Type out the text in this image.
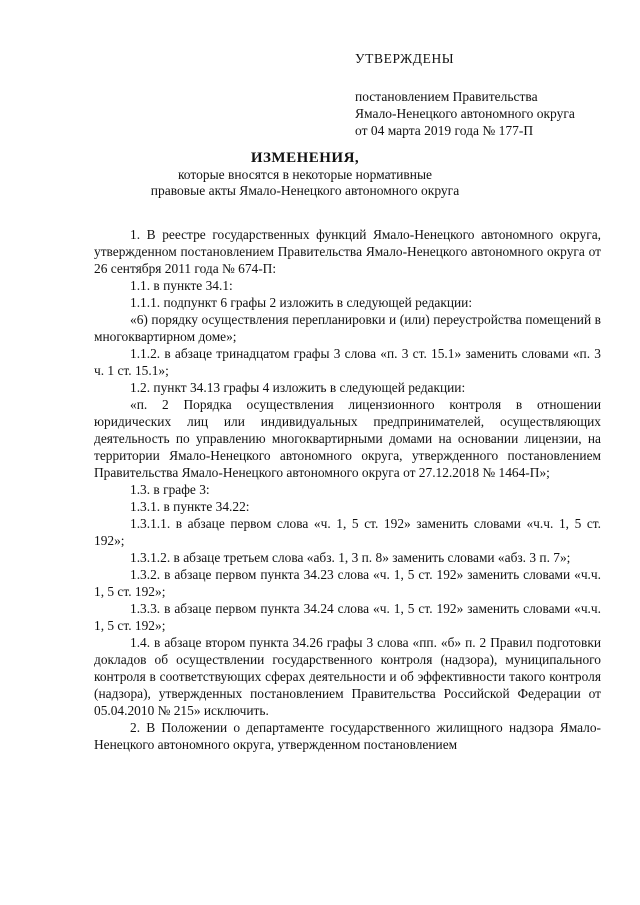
УТВЕРЖДЕНЫ
постановлением Правительства
Ямало-Ненецкого автономного округа
от 04 марта 2019 года № 177-П
ИЗМЕНЕНИЯ,
которые вносятся в некоторые нормативные
правовые акты Ямало-Ненецкого автономного округа

1. В реестре государственных функций Ямало-Ненецкого автономного округа, утвержденном постановлением Правительства Ямало-Ненецкого автономного округа от 26 сентября 2011 года № 674-П:

1.1. в пункте 34.1:

1.1.1. подпункт 6 графы 2 изложить в следующей редакции:

«6) порядку осуществления перепланировки и (или) переустройства помещений в многоквартирном доме»;

1.1.2. в абзаце тринадцатом графы 3 слова «п. 3 ст. 15.1» заменить словами «п. 3 ч. 1 ст. 15.1»;

1.2. пункт 34.13 графы 4 изложить в следующей редакции:

«п. 2 Порядка осуществления лицензионного контроля в отношении юридических лиц или индивидуальных предпринимателей, осуществляющих деятельность по управлению многоквартирными домами на основании лицензии, на территории Ямало-Ненецкого автономного округа, утвержденного постановлением Правительства Ямало-Ненецкого автономного округа от 27.12.2018 № 1464-П»;

1.3. в графе 3:

1.3.1. в пункте 34.22:

1.3.1.1. в абзаце первом слова «ч. 1, 5 ст. 192» заменить словами «ч.ч. 1, 5 ст. 192»;

1.3.1.2. в абзаце третьем слова «абз. 1, 3 п. 8» заменить словами «абз. 3 п. 7»;

1.3.2. в абзаце первом пункта 34.23 слова «ч. 1, 5 ст. 192» заменить словами «ч.ч. 1, 5 ст. 192»;

1.3.3. в абзаце первом пункта 34.24 слова «ч. 1, 5 ст. 192» заменить словами «ч.ч. 1, 5 ст. 192»;

1.4. в абзаце втором пункта 34.26 графы 3 слова «пп. «б» п. 2 Правил подготовки докладов об осуществлении государственного контроля (надзора), муниципального контроля в соответствующих сферах деятельности и об эффективности такого контроля (надзора), утвержденных постановлением Правительства Российской Федерации от 05.04.2010 № 215» исключить.

2. В Положении о департаменте государственного жилищного надзора Ямало-Ненецкого автономного округа, утвержденном постановлением
